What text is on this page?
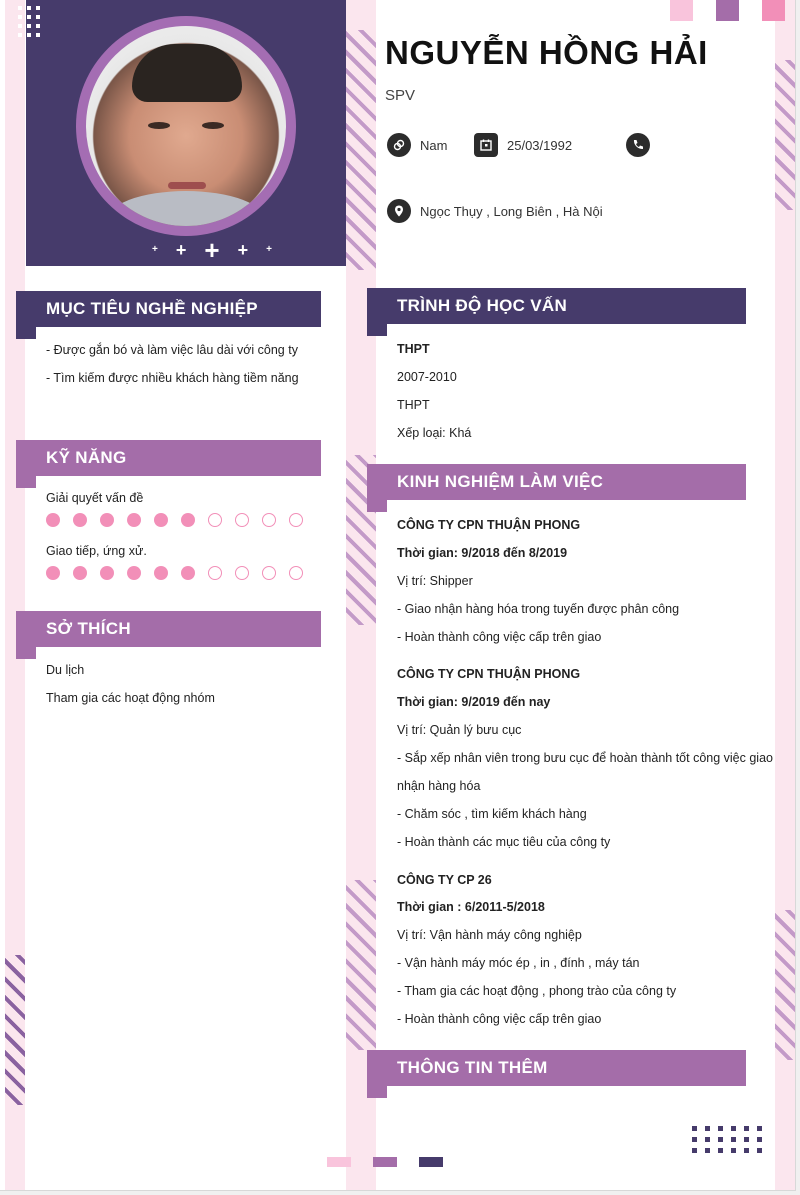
+ + + + +
NGUYỄN HỒNG HẢI
SPV
Nam	25/03/1992
Ngọc Thụy , Long Biên , Hà Nội
MỤC TIÊU NGHỀ NGHIỆP
- Được gắn bó và làm việc lâu dài với công ty
- Tìm kiếm được nhiều khách hàng tiềm năng
KỸ NĂNG
Giải quyết vấn đề
Giao tiếp, ứng xử.
SỞ THÍCH
Du lịch
Tham gia các hoạt động nhóm
TRÌNH ĐỘ HỌC VẤN
THPT
2007-2010
THPT
Xếp loại: Khá
KINH NGHIỆM LÀM VIỆC
CÔNG TY CPN THUẬN PHONG
Thời gian: 9/2018 đến 8/2019
Vị trí: Shipper
- Giao nhận hàng hóa trong tuyến được phân công
- Hoàn thành công việc cấp trên giao
CÔNG TY CPN THUẬN PHONG
Thời gian: 9/2019 đến nay
Vị trí: Quản lý bưu cục
- Sắp xếp nhân viên trong bưu cục để hoàn thành tốt công việc giao
nhận hàng hóa
- Chăm sóc , tìm kiếm khách hàng
- Hoàn thành các mục tiêu của công ty
CÔNG TY CP 26
Thời gian : 6/2011-5/2018
Vị trí: Vận hành máy công nghiệp
- Vận hành máy móc ép , in , đính , máy tán
- Tham gia các hoạt động , phong trào của công ty
- Hoàn thành công việc cấp trên giao
THÔNG TIN THÊM
